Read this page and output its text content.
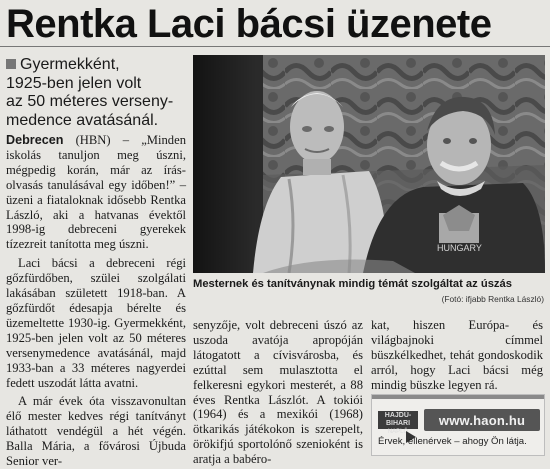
Rentka Laci bácsi üzenete
Gyermekként,
1925-ben jelen volt
az 50 méteres verseny-
medence avatásánál.

Debrecen (HBN) – „Minden iskolás tanuljon meg úszni, mégpedig korán, már az írás-olvasás tanulásával egy időben!” – üzeni a fiataloknak idősebb Rentka László, aki a hatvanas évektől 1998-ig debreceni gyerekek tízezreit tanította meg úszni.

Laci bácsi a debreceni régi gőzfürdőben, szülei szolgálati lakásában született 1918-ban. A gőzfürdőt édesapja bérelte és üzemeltette 1930-ig. Gyermekként, 1925-ben jelen volt az 50 méteres versenymedence avatásánál, majd 1933-ban a 33 méteres nagyerdei fedett uszodát látta avatni.

A már évek óta visszavonultan élő mester kedves régi tanítványt láthatott vendégül a hét végén. Balla Mária, a fővárosi Újbuda Senior ver-

HUNGARY
Mesternek és tanítványnak mindig témát szolgáltat az úszás
(Fotó: ifjabb Rentka László)

senyzője, volt debreceni úszó az uszoda avatója apropóján látogatott a cívisvárosba, és ezúttal sem mulasztotta el felkeresni egykori mesterét, a 88 éves Rentka Lászlót. A tokiói (1964) és a mexikói (1968) ötkarikás játékokon is szerepelt, örökifjú sportolónő szenioként is aratja a babéro-

kat, hiszen Európa- és világbajnoki címmel büszkélkedhet, tehát gondoskodik arról, hogy Laci bácsi még mindig büszke legyen rá.

HAJDÚ-BIHARI
NAPLÓ
www.haon.hu
Érvek, ellenérvek – ahogy Ön látja.
